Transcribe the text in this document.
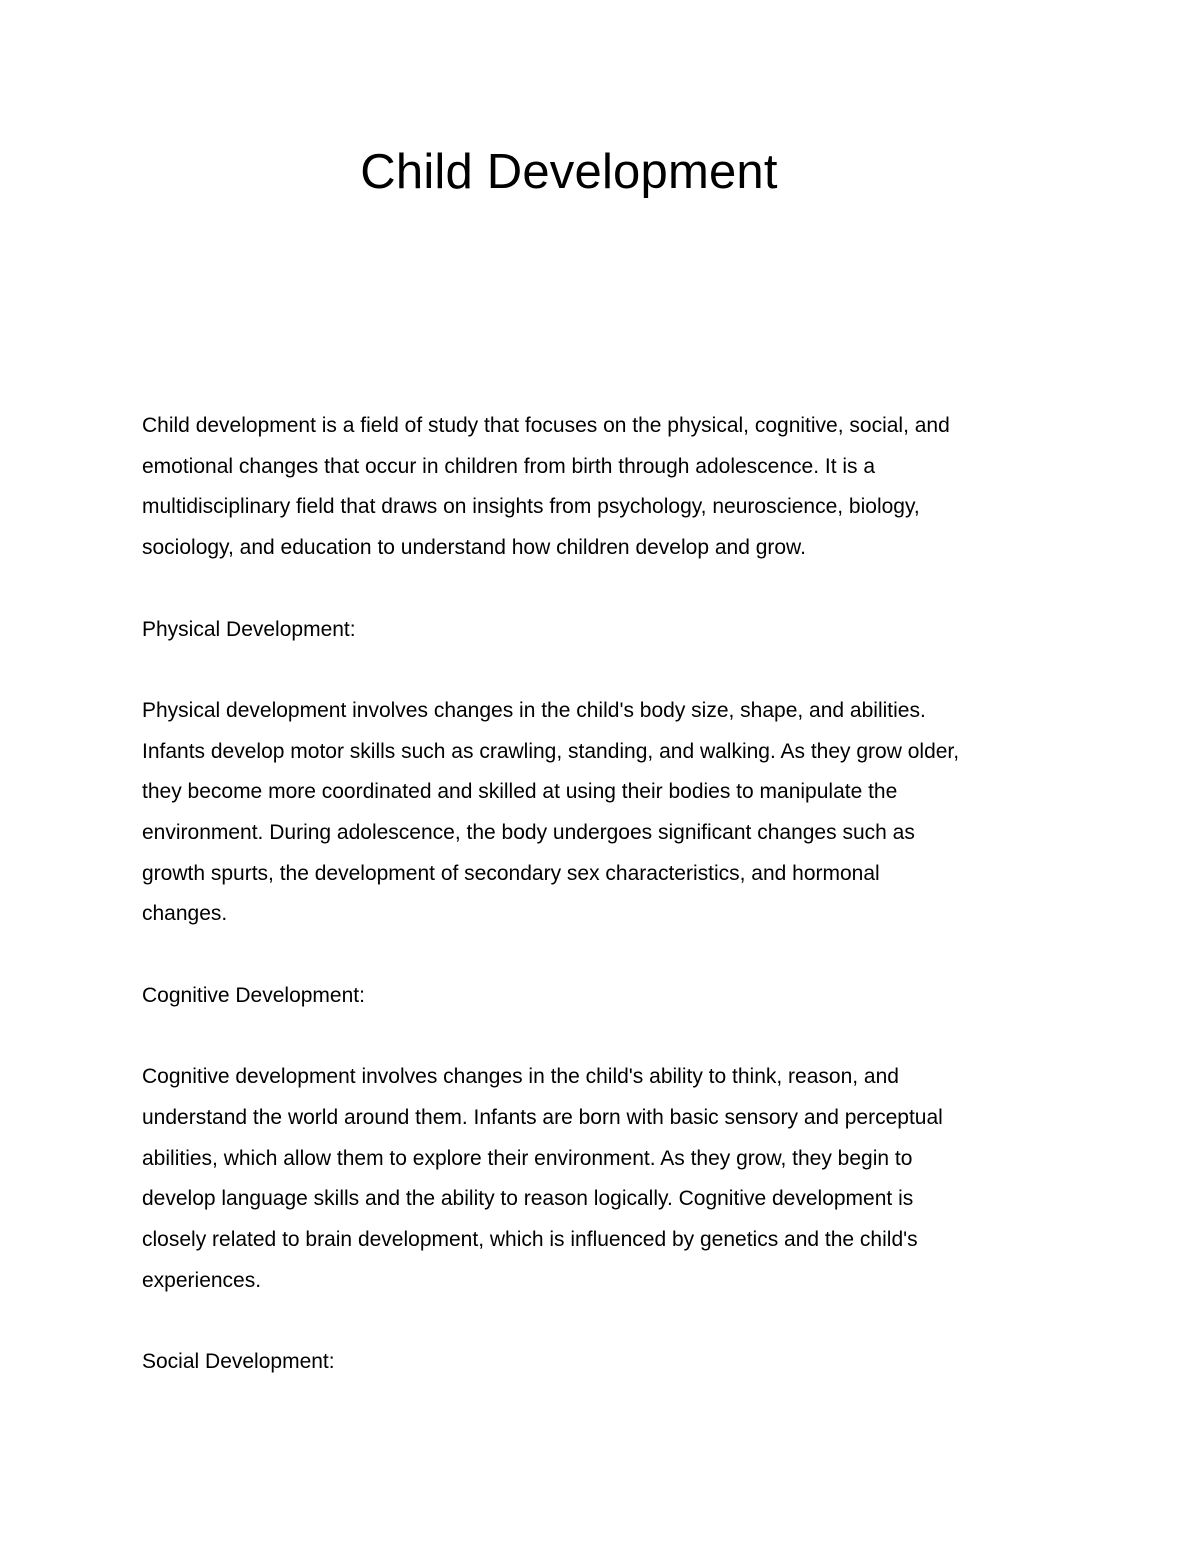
Child Development

Child development is a field of study that focuses on the physical, cognitive, social, and
emotional changes that occur in children from birth through adolescence. It is a
multidisciplinary field that draws on insights from psychology, neuroscience, biology,
sociology, and education to understand how children develop and grow.

Physical Development:

Physical development involves changes in the child's body size, shape, and abilities.
Infants develop motor skills such as crawling, standing, and walking. As they grow older,
they become more coordinated and skilled at using their bodies to manipulate the
environment. During adolescence, the body undergoes significant changes such as
growth spurts, the development of secondary sex characteristics, and hormonal
changes.

Cognitive Development:

Cognitive development involves changes in the child's ability to think, reason, and
understand the world around them. Infants are born with basic sensory and perceptual
abilities, which allow them to explore their environment. As they grow, they begin to
develop language skills and the ability to reason logically. Cognitive development is
closely related to brain development, which is influenced by genetics and the child's
experiences.

Social Development:
